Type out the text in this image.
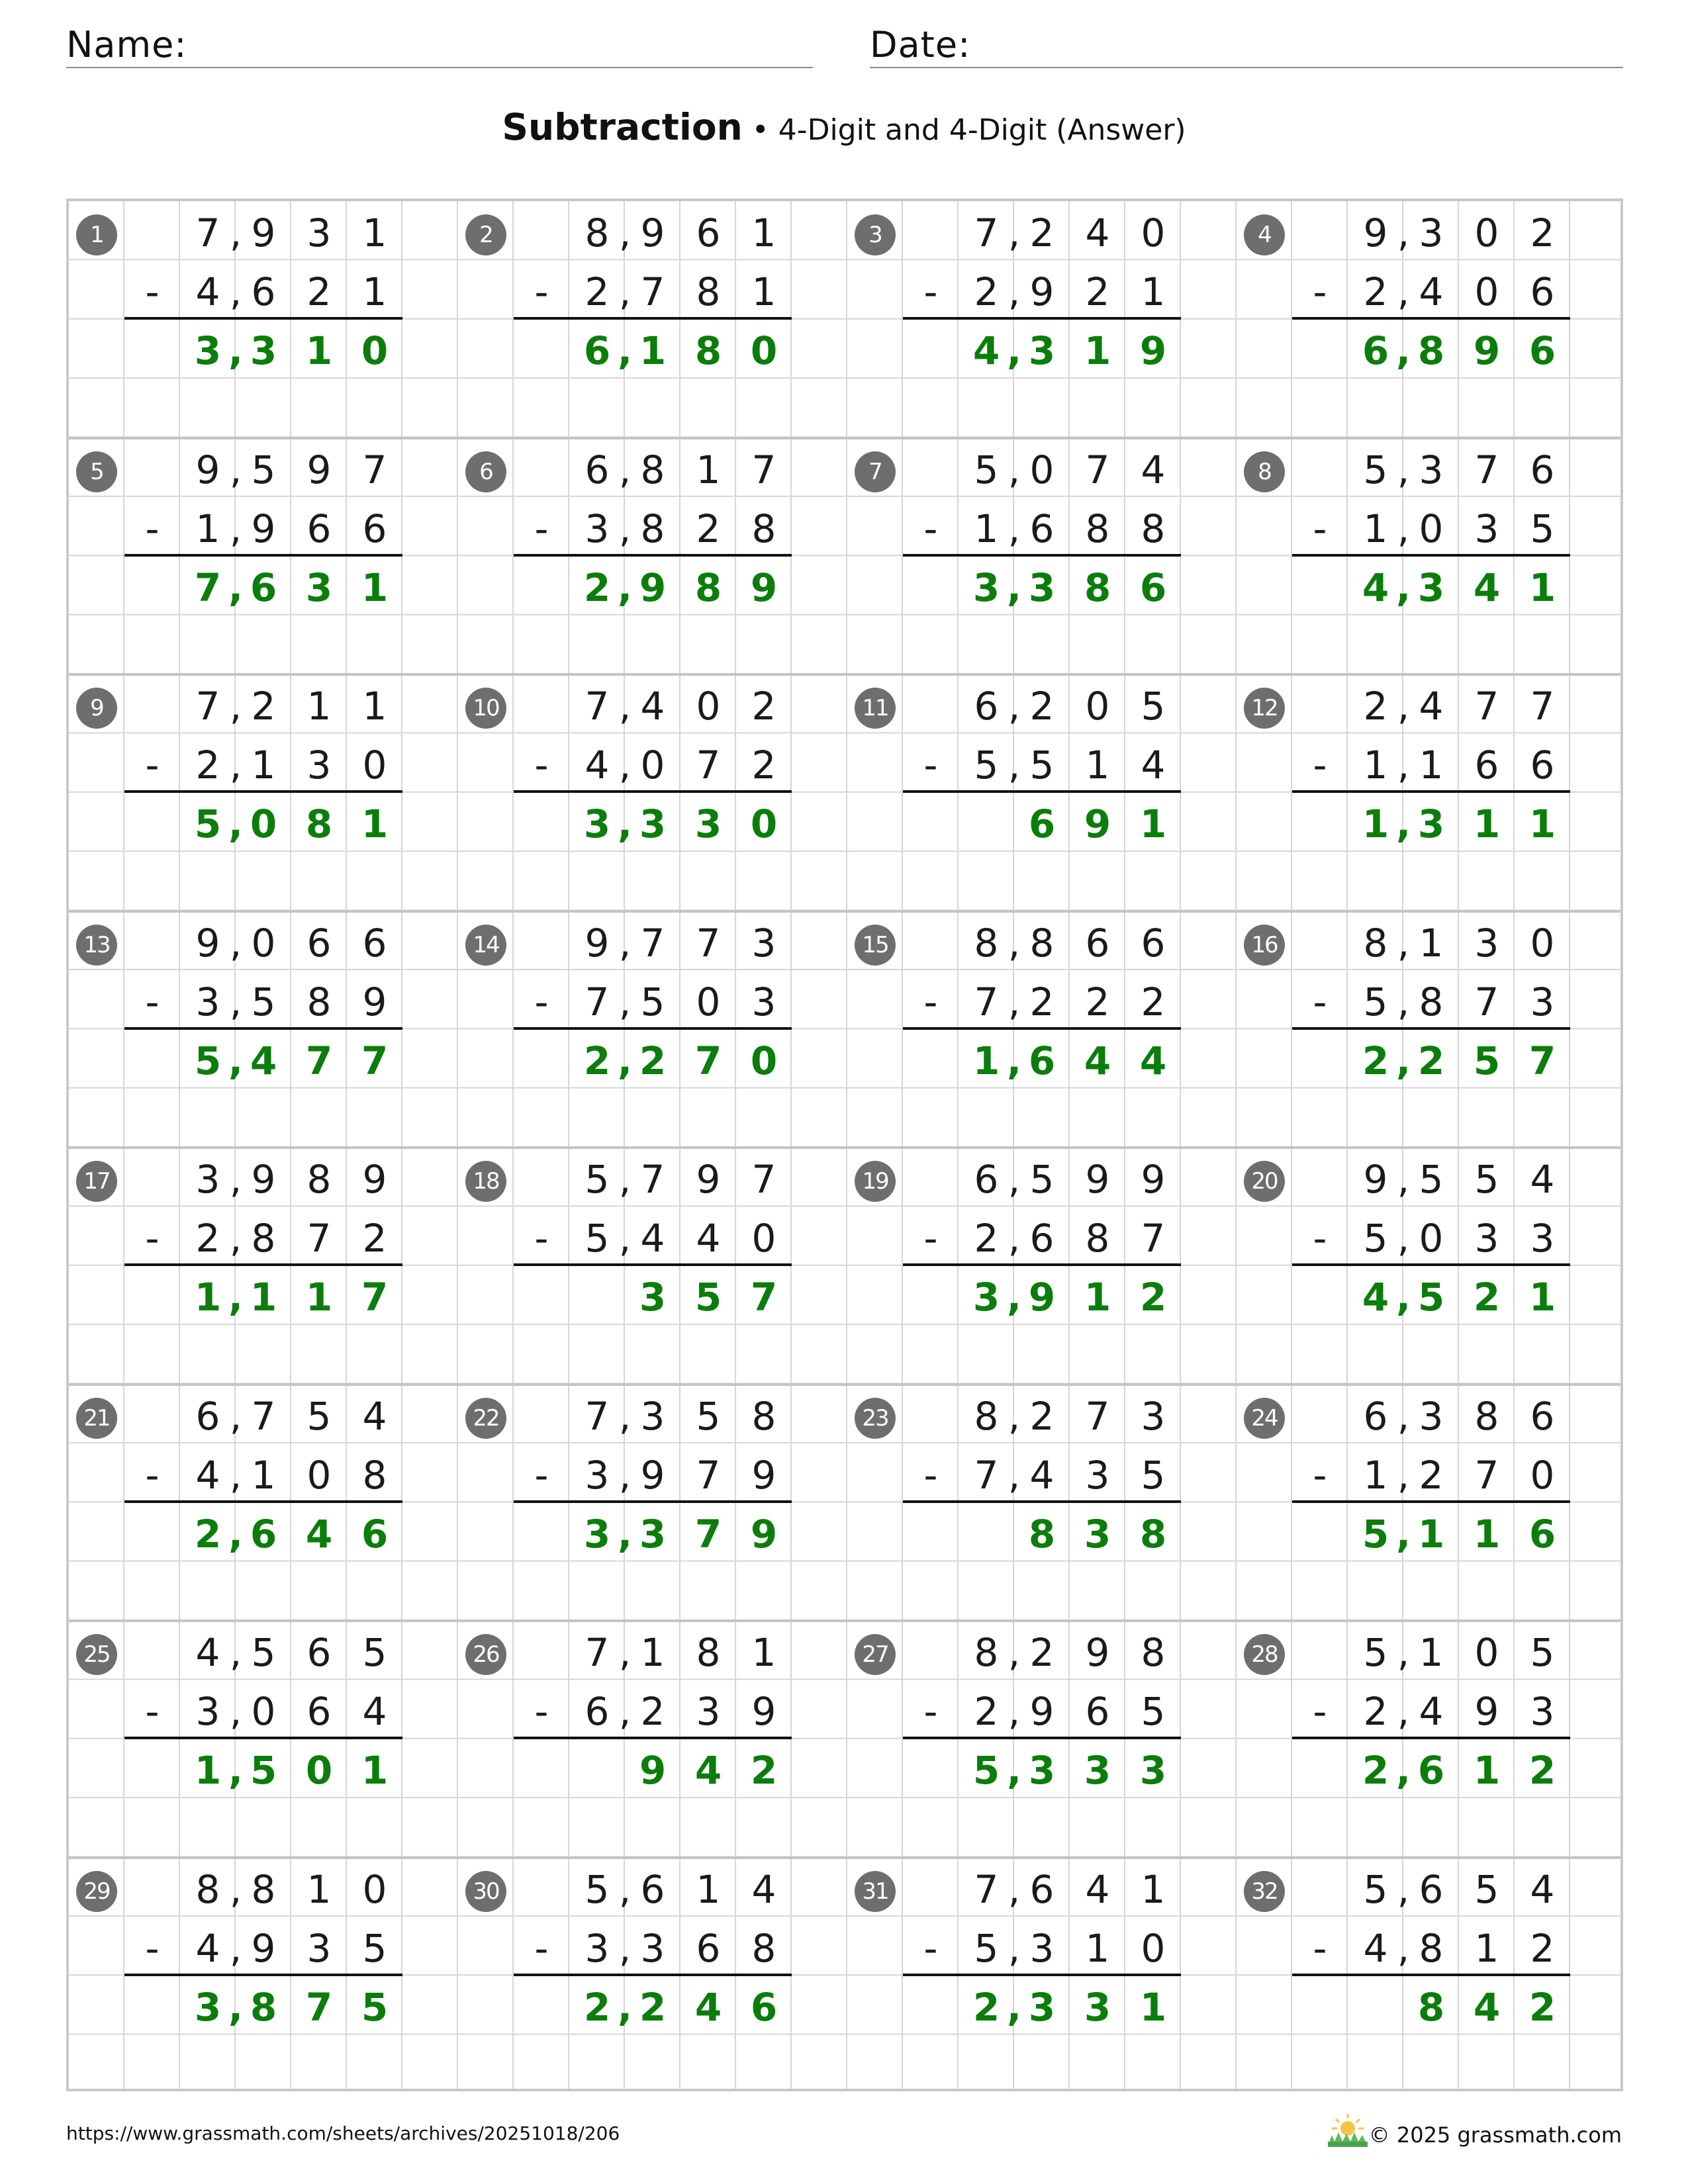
Name:	Date:
Subtraction • 4-Digit and 4-Digit (Answer)
1
-
7 , 9 3 1
4 , 6 2 1
3 , 3 1 0
2
-
8 , 9 6 1
2 , 7 8 1
6 , 1 8 0
3
-
7 , 2 4 0
2 , 9 2 1
4 , 3 1 9
4
-
9 , 3 0 2
2 , 4 0 6
6 , 8 9 6
5
-
9 , 5 9 7
1 , 9 6 6
7 , 6 3 1
6
-
6 , 8 1 7
3 , 8 2 8
2 , 9 8 9
7
-
5 , 0 7 4
1 , 6 8 8
3 , 3 8 6
8
-
5 , 3 7 6
1 , 0 3 5
4 , 3 4 1
9
-
7 , 2 1 1
2 , 1 3 0
5 , 0 8 1
10
-
7 , 4 0 2
4 , 0 7 2
3 , 3 3 0
11
-
6 , 2 0 5
5 , 5 1 4
6 9 1
12
-
2 , 4 7 7
1 , 1 6 6
1 , 3 1 1
13
-
9 , 0 6 6
3 , 5 8 9
5 , 4 7 7
14
-
9 , 7 7 3
7 , 5 0 3
2 , 2 7 0
15
-
8 , 8 6 6
7 , 2 2 2
1 , 6 4 4
16
-
8 , 1 3 0
5 , 8 7 3
2 , 2 5 7
17
-
3 , 9 8 9
2 , 8 7 2
1 , 1 1 7
18
-
5 , 7 9 7
5 , 4 4 0
3 5 7
19
-
6 , 5 9 9
2 , 6 8 7
3 , 9 1 2
20
-
9 , 5 5 4
5 , 0 3 3
4 , 5 2 1
21
-
6 , 7 5 4
4 , 1 0 8
2 , 6 4 6
22
-
7 , 3 5 8
3 , 9 7 9
3 , 3 7 9
23
-
8 , 2 7 3
7 , 4 3 5
8 3 8
24
-
6 , 3 8 6
1 , 2 7 0
5 , 1 1 6
25
-
4 , 5 6 5
3 , 0 6 4
1 , 5 0 1
26
-
7 , 1 8 1
6 , 2 3 9
9 4 2
27
-
8 , 2 9 8
2 , 9 6 5
5 , 3 3 3
28
-
5 , 1 0 5
2 , 4 9 3
2 , 6 1 2
29
-
8 , 8 1 0
4 , 9 3 5
3 , 8 7 5
30
-
5 , 6 1 4
3 , 3 6 8
2 , 2 4 6
31
-
7 , 6 4 1
5 , 3 1 0
2 , 3 3 1
32
-
5 , 6 5 4
4 , 8 1 2
8 4 2
https://www.grassmath.com/sheets/archives/20251018/206	© 2025 grassmath.com
